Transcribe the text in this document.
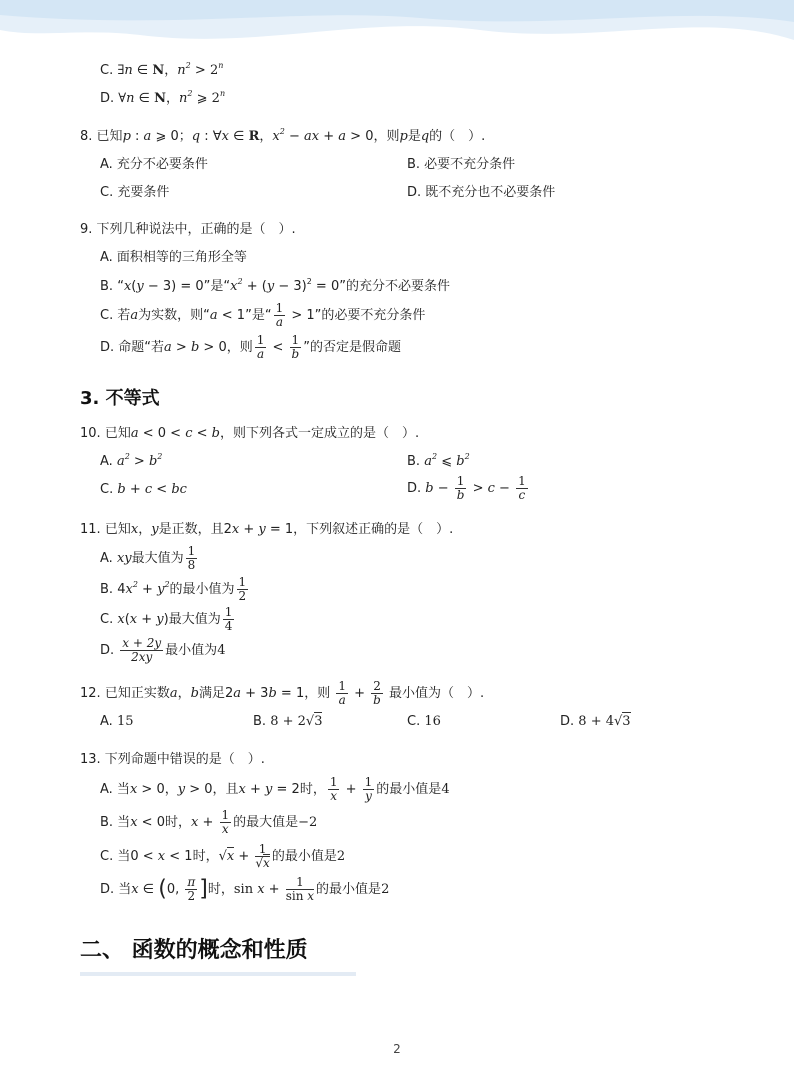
C. ∃n ∈ N，$n^2 > 2^n$
D. ∀n ∈ N，$n^2$ ⩾ 2$^n$
8. 已知p : a ⩾ 0；q : ∀x ∈ R，$x^2$ − ax + a > 0，则p是q的（　）.
A. 充分不必要条件	B. 必要不充分条件
C. 充要条件	D. 既不充分也不必要条件
9. 下列几种说法中，正确的是（　）.
A. 面积相等的三角形全等
B. “x(y − 3) = 0”是“$x^2 + (y - 3)^2 = 0$”的充分不必要条件
C. 若a为实数，则“a < 1”是“ $\frac{1}{a} > 1$”的必要不充分条件
D. 命题“若a > b > 0，则 $\frac{1}{a} < \frac{1}{b}$ ”的否定是假命题
3. 不等式
10. 已知a < 0 < c < b，则下列各式一定成立的是（　）.
A. $a^2 > b^2$	B. $a^2$ ⩽ $b^2$
C. b + c < bc	D. $b - \frac{1}{b} > c - \frac{1}{c}$
11. 已知x，y是正数，且2x + y = 1，下列叙述正确的是（　）.
A. xy最大值为 $\frac{1}{8}$
B. $4x^2 + y^2$的最小值为 $\frac{1}{2}$
C. x(x + y)最大值为 $\frac{1}{4}$
D. $\frac{x + 2y}{2xy}$ 最小值为4
12. 已知正实数a，b满足2a + 3b = 1，则 $\frac{1}{a} + \frac{2}{b}$ 最小值为（　）.
A. 15	B. 8 + 2√3	C. 16	D. 8 + 4√3
13. 下列命题中错误的是（　）.
A. 当x > 0，y > 0，且x + y = 2时， $\frac{1}{x} + \frac{1}{y}$ 的最小值是4
B. 当x < 0时，$x + \frac{1}{x}$ 的最大值是−2
C. 当0 < x < 1时，$√x + \frac{1}{√x}$ 的最小值是2
D. 当x ∈ (0, $\frac{\pi}{2}$ ]时，$\sin x + \frac{1}{\text{sin x}}$ 的最小值是2
二、 函数的概念和性质
2
